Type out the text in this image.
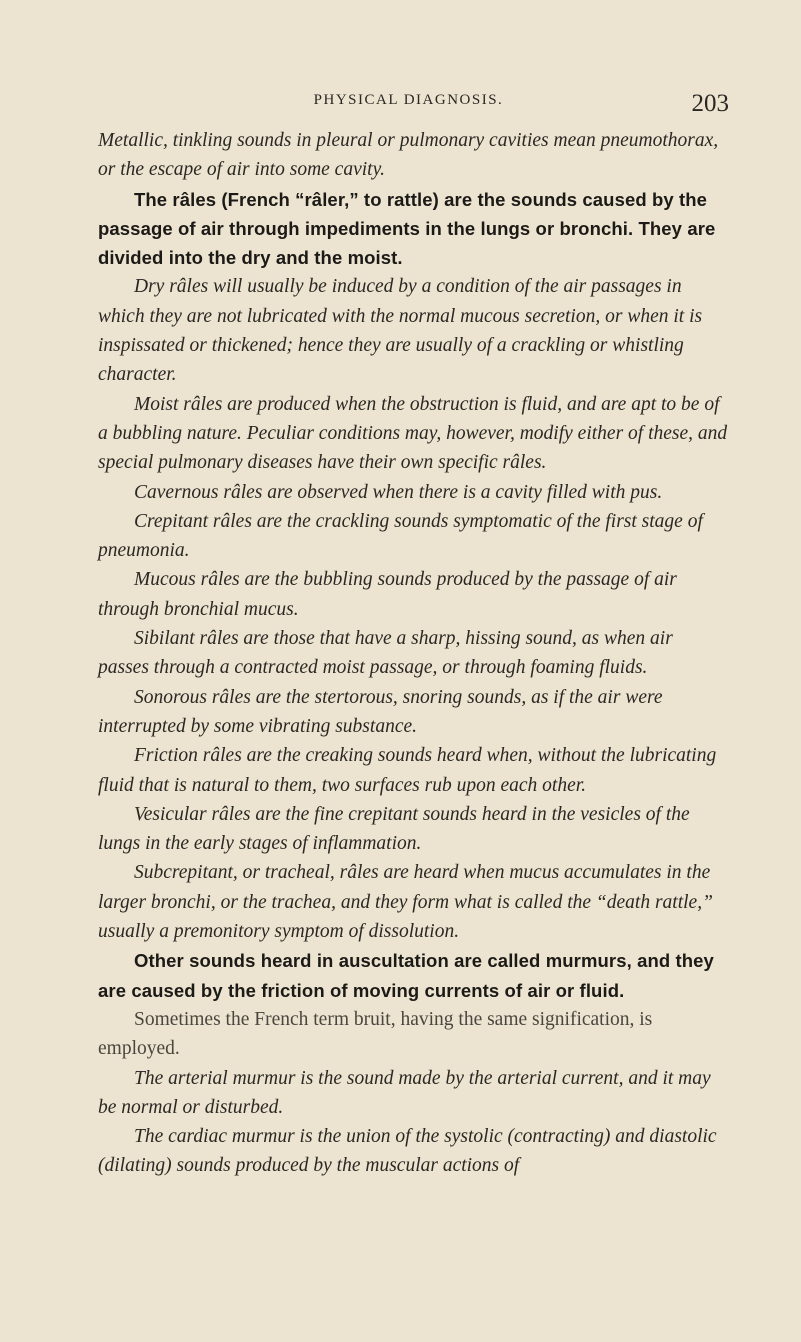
PHYSICAL DIAGNOSIS.	203

Metallic, tinkling sounds in pleural or pulmonary cavities mean pneumothorax, or the escape of air into some cavity.

The râles (French “râler,” to rattle) are the sounds caused by the passage of air through impediments in the lungs or bronchi. They are divided into the dry and the moist.

Dry râles will usually be induced by a condition of the air passages in which they are not lubricated with the normal mucous secretion, or when it is inspissated or thickened; hence they are usually of a crackling or whistling character.

Moist râles are produced when the obstruction is fluid, and are apt to be of a bubbling nature. Peculiar conditions may, however, modify either of these, and special pulmonary diseases have their own specific râles.

Cavernous râles are observed when there is a cavity filled with pus.

Crepitant râles are the crackling sounds symptomatic of the first stage of pneumonia.

Mucous râles are the bubbling sounds produced by the passage of air through bronchial mucus.

Sibilant râles are those that have a sharp, hissing sound, as when air passes through a contracted moist passage, or through foaming fluids.

Sonorous râles are the stertorous, snoring sounds, as if the air were interrupted by some vibrating substance.

Friction râles are the creaking sounds heard when, without the lubricating fluid that is natural to them, two surfaces rub upon each other.

Vesicular râles are the fine crepitant sounds heard in the vesicles of the lungs in the early stages of inflammation.

Subcrepitant, or tracheal, râles are heard when mucus accumulates in the larger bronchi, or the trachea, and they form what is called the “death rattle,” usually a premonitory symptom of dissolution.

Other sounds heard in auscultation are called murmurs, and they are caused by the friction of moving currents of air or fluid.

Sometimes the French term bruit, having the same signification, is employed.

The arterial murmur is the sound made by the arterial current, and it may be normal or disturbed.

The cardiac murmur is the union of the systolic (contracting) and diastolic (dilating) sounds produced by the muscular actions of
